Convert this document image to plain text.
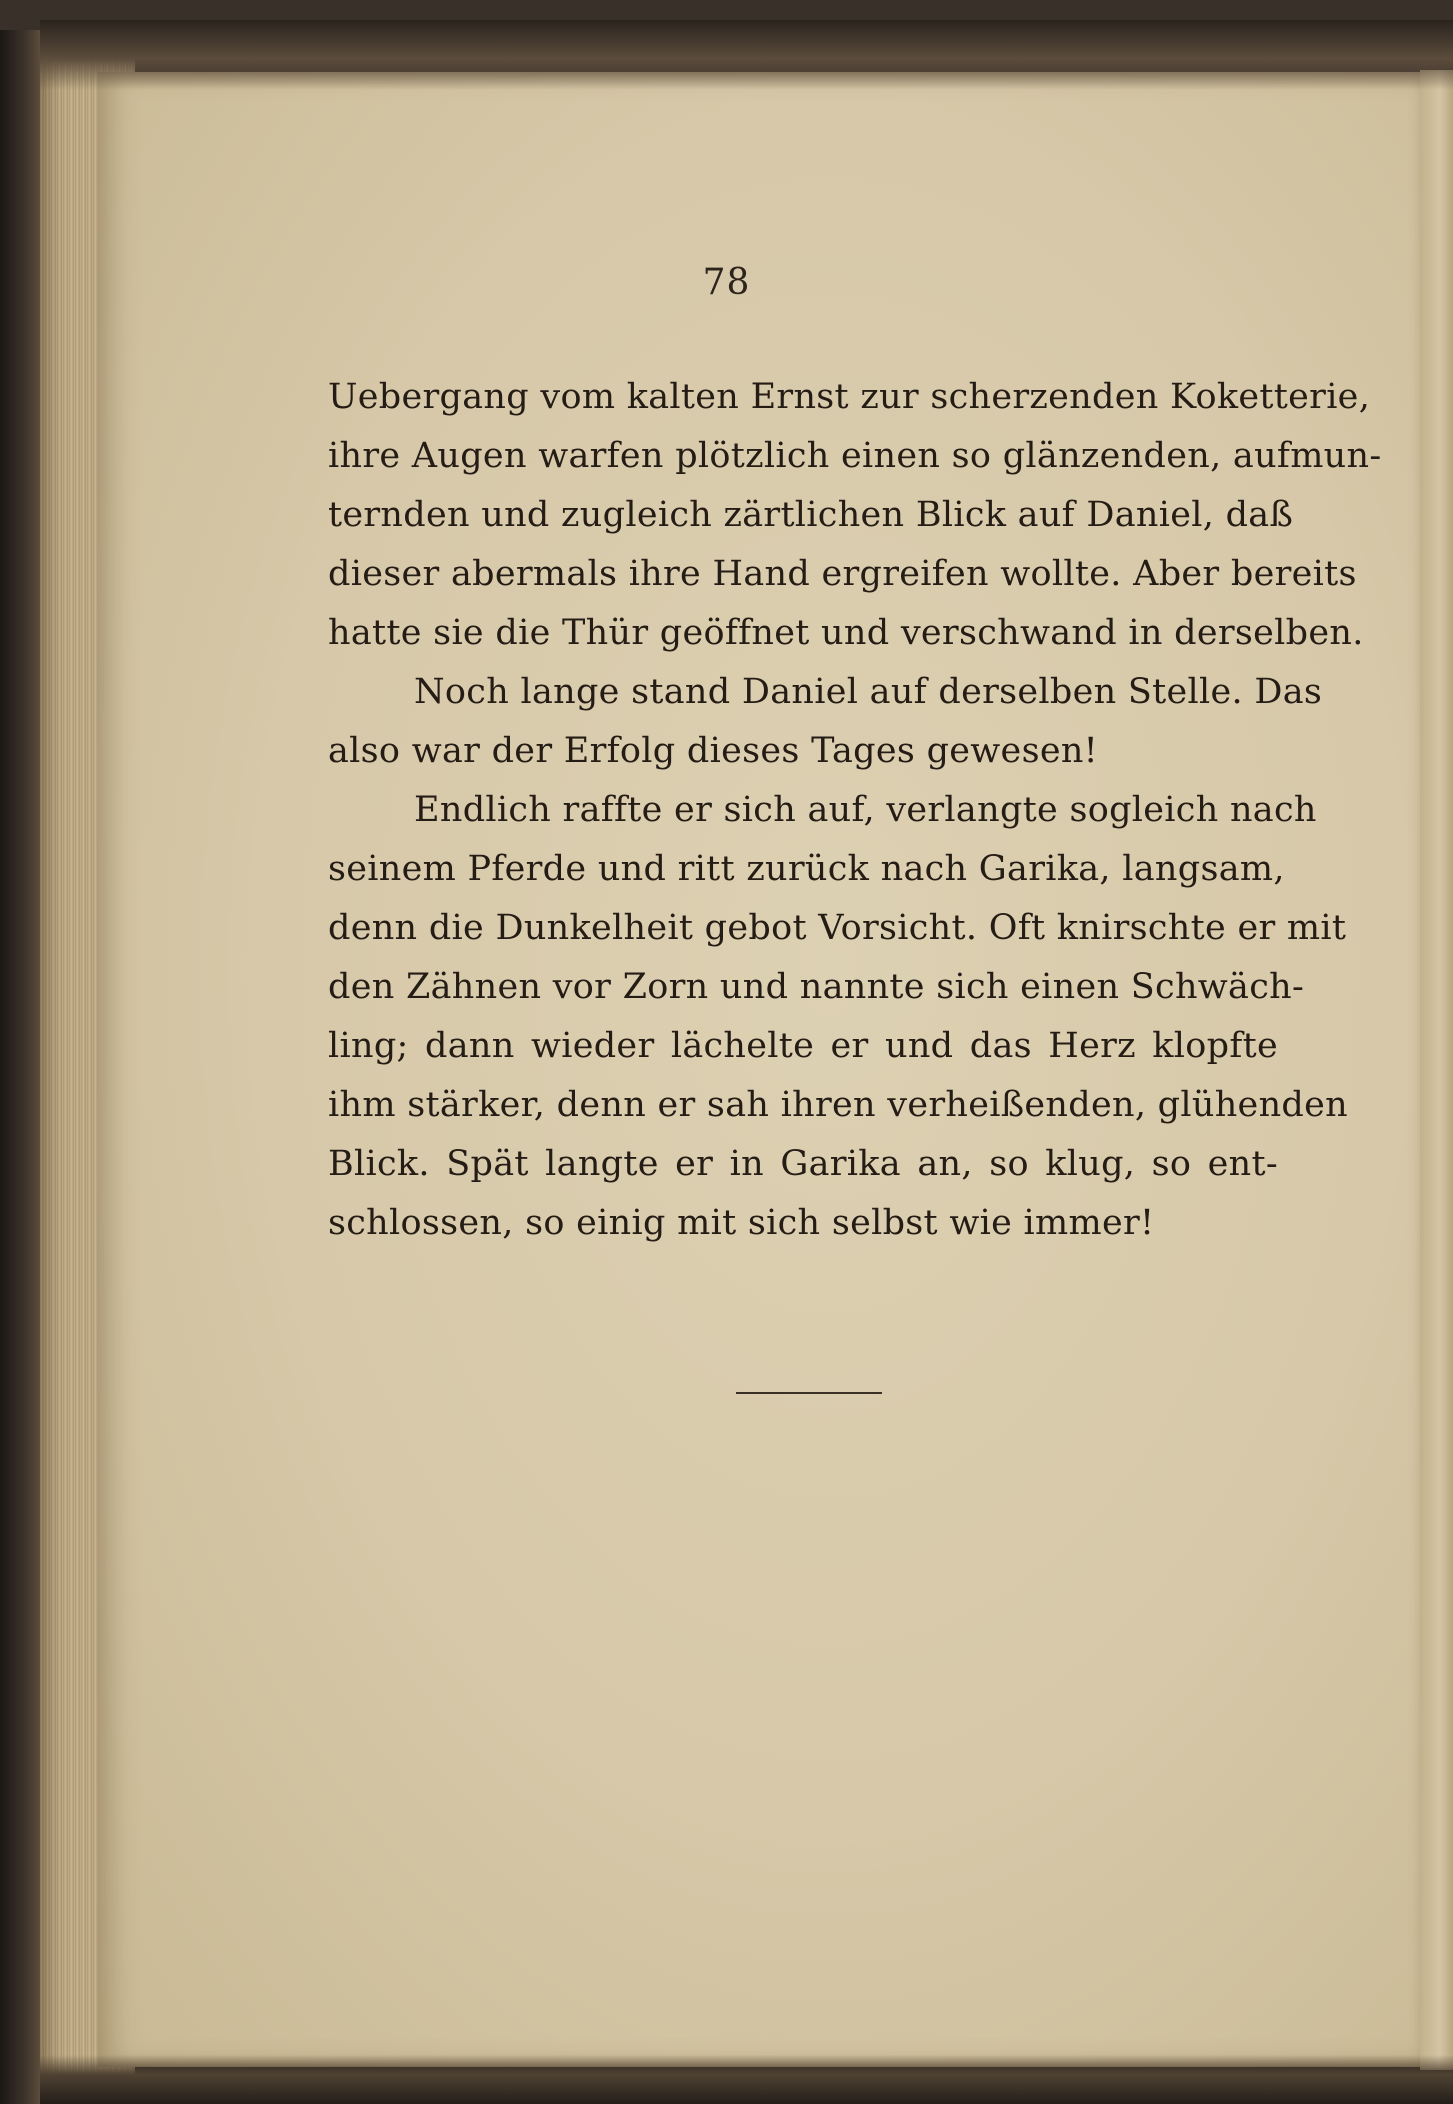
78
Uebergang vom kalten Ernst zur scherzenden Koketterie,
ihre Augen warfen plötzlich einen so glänzenden, aufmun-
ternden und zugleich zärtlichen Blick auf Daniel, daß
dieser abermals ihre Hand ergreifen wollte. Aber bereits
hatte sie die Thür geöffnet und verschwand in derselben.
Noch lange stand Daniel auf derselben Stelle. Das
also war der Erfolg dieses Tages gewesen!
Endlich raffte er sich auf, verlangte sogleich nach
seinem Pferde und ritt zurück nach Garika, langsam,
denn die Dunkelheit gebot Vorsicht. Oft knirschte er mit
den Zähnen vor Zorn und nannte sich einen Schwäch-
ling; dann wieder lächelte er und das Herz klopfte
ihm stärker, denn er sah ihren verheißenden, glühenden
Blick. Spät langte er in Garika an, so klug, so ent-
schlossen, so einig mit sich selbst wie immer!
